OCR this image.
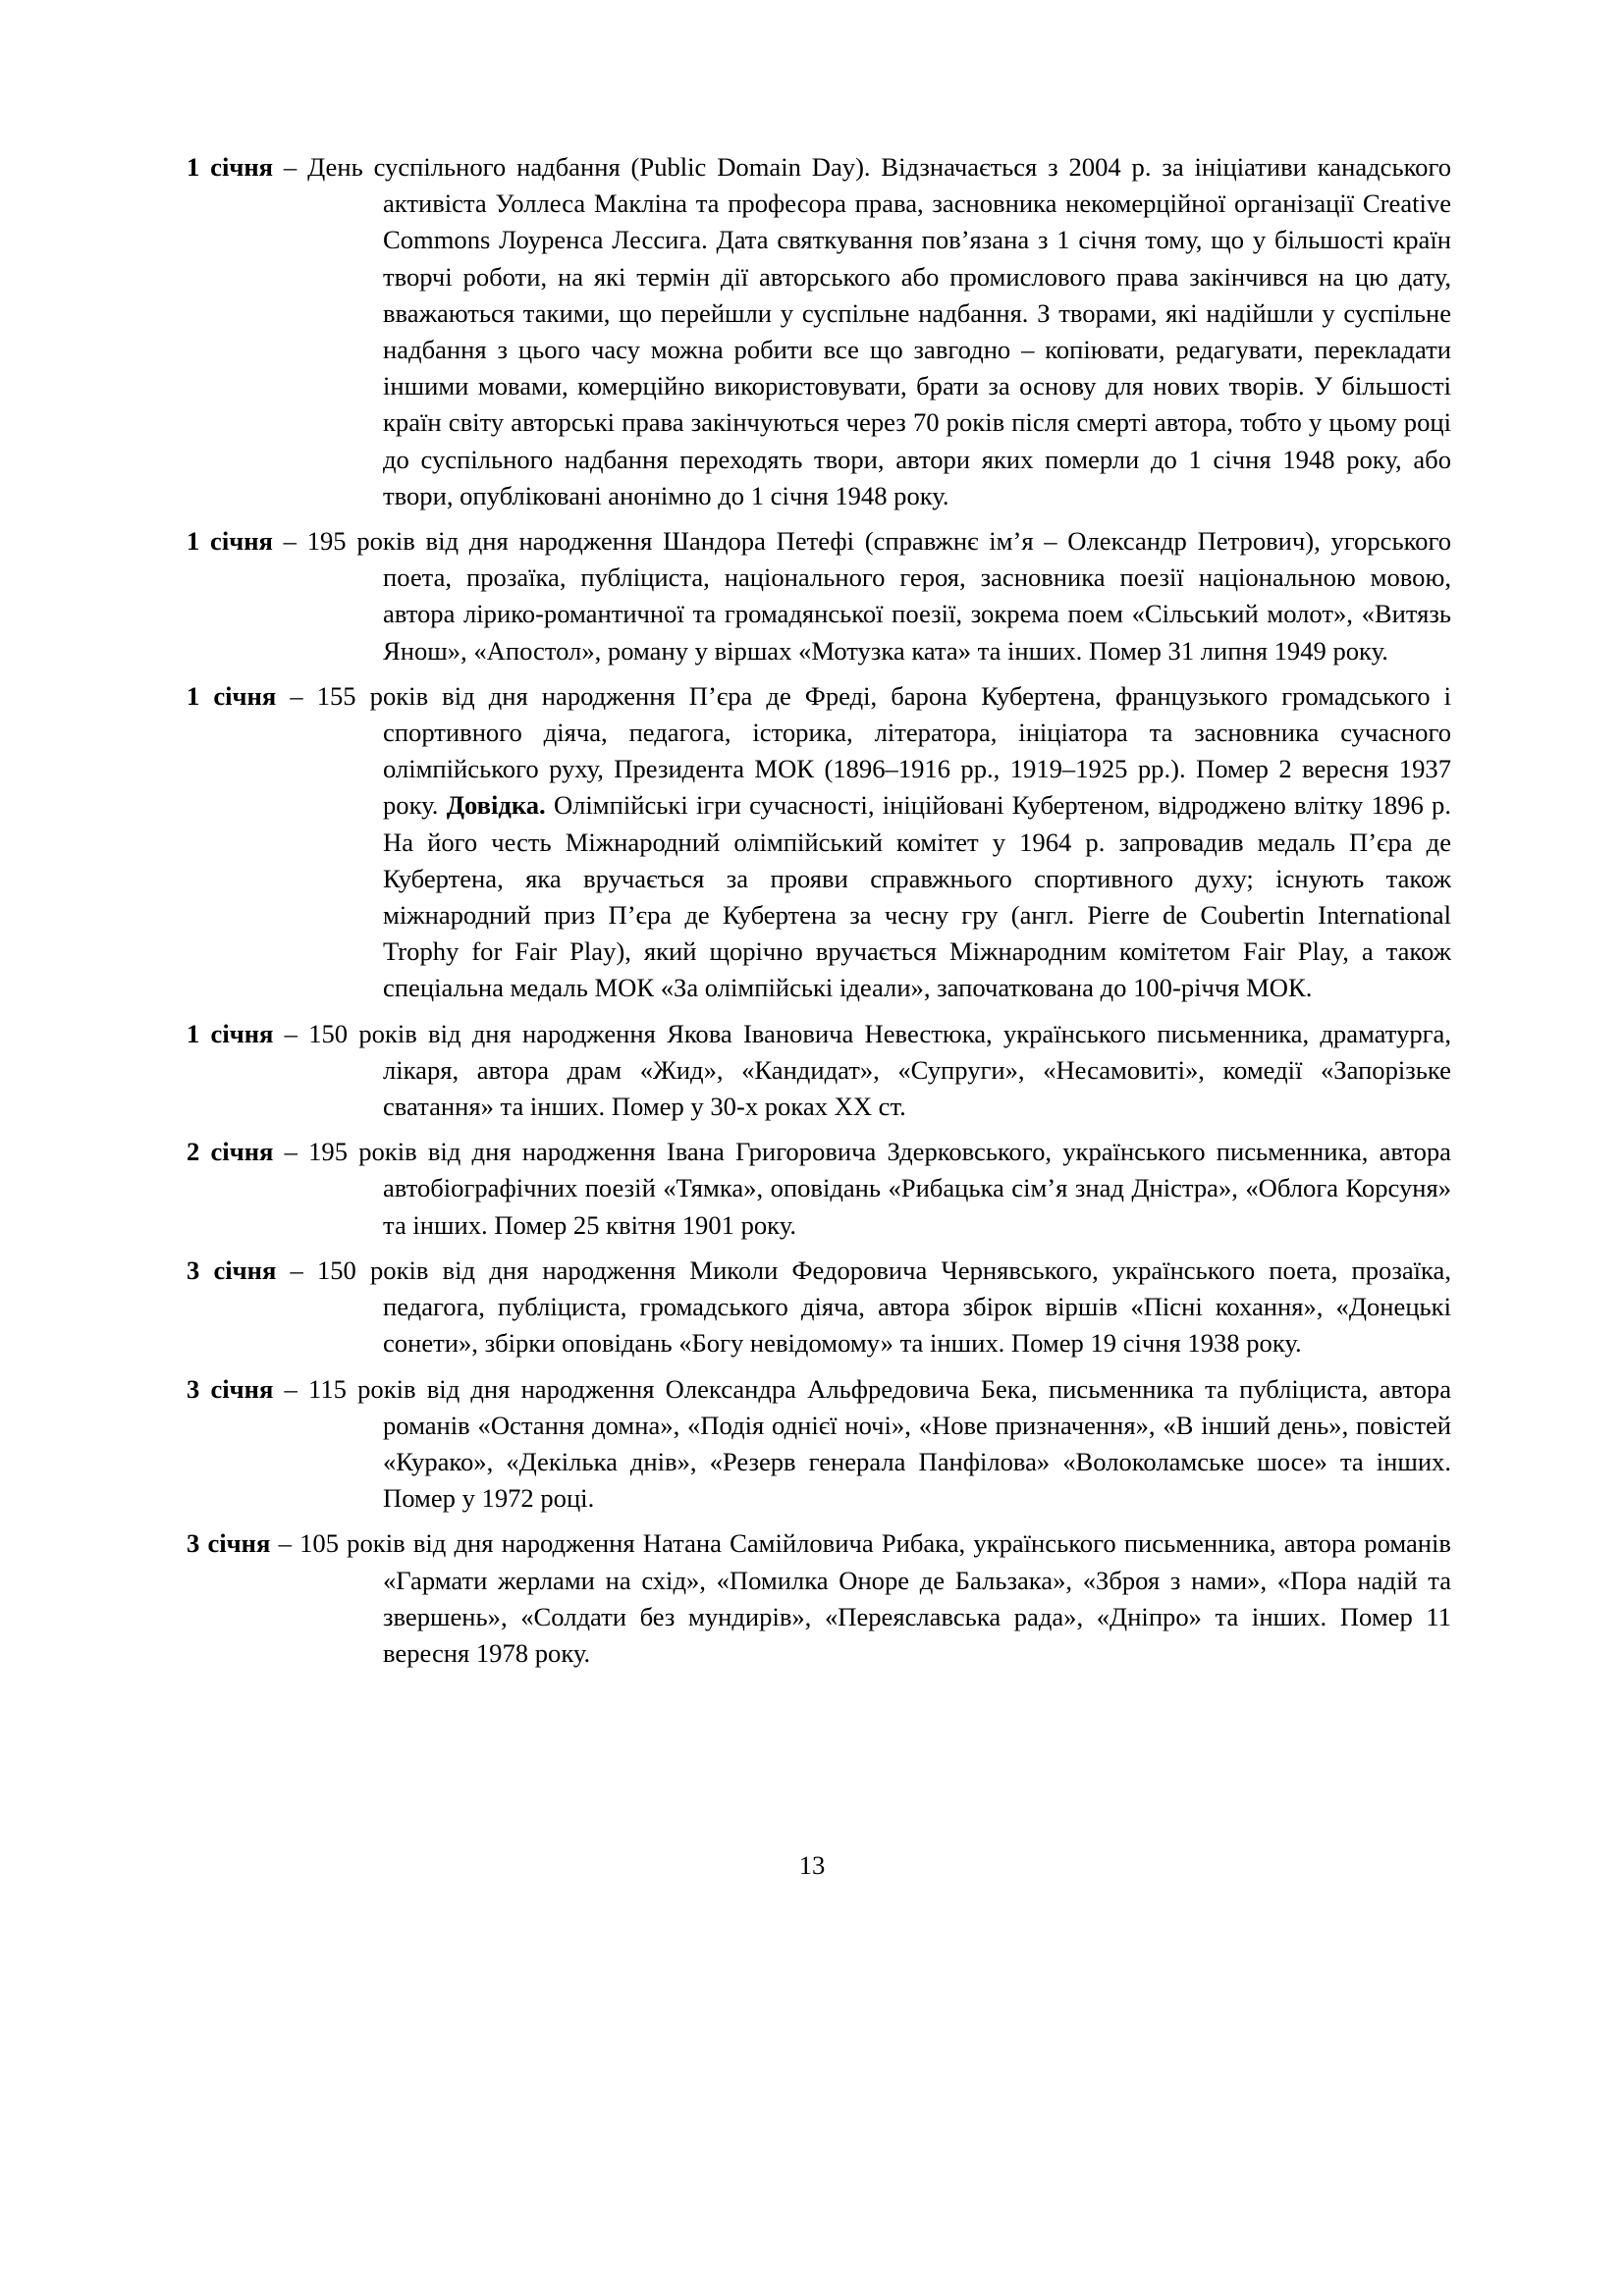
1 січня – День суспільного надбання (Public Domain Day). Відзначається з 2004 р. за ініціативи канадського активіста Уоллеса Макліна та професора права, засновника некомерційної організації Creative Commons Лоуренса Лессига. Дата святкування пов’язана з 1 січня тому, що у більшості країн творчі роботи, на які термін дії авторського або промислового права закінчився на цю дату, вважаються такими, що перейшли у суспільне надбання. З творами, які надійшли у суспільне надбання з цього часу можна робити все що завгодно – копіювати, редагувати, перекладати іншими мовами, комерційно використовувати, брати за основу для нових творів. У більшості країн світу авторські права закінчуються через 70 років після смерті автора, тобто у цьому році до суспільного надбання переходять твори, автори яких померли до 1 січня 1948 року, або твори, опубліковані анонімно до 1 січня 1948 року.

1 січня – 195 років від дня народження Шандора Петефі (справжнє ім’я – Олександр Петрович), угорського поета, прозаїка, публіциста, національного героя, засновника поезії національною мовою, автора лірико-романтичної та громадянської поезії, зокрема поем «Сільський молот», «Витязь Янош», «Апостол», роману у віршах «Мотузка ката» та інших. Помер 31 липня 1949 року.

1 січня – 155 років від дня народження П’єра де Фреді, барона Кубертена, французького громадського і спортивного діяча, педагога, історика, літератора, ініціатора та засновника сучасного олімпійського руху, Президента МОК (1896–1916 рр., 1919–1925 рр.). Помер 2 вересня 1937 року. Довідка. Олімпійські ігри сучасності, ініційовані Кубертеном, відроджено влітку 1896 р. На його честь Міжнародний олімпійський комітет у 1964 р. запровадив медаль П’єра де Кубертена, яка вручається за прояви справжнього спортивного духу; існують також міжнародний приз П’єра де Кубертена за чесну гру (англ. Pierre de Coubertin International Trophy for Fair Play), який щорічно вручається Міжнародним комітетом Fair Play, а також спеціальна медаль МОК «За олімпійські ідеали», започаткована до 100-річчя МОК.

1 січня – 150 років від дня народження Якова Івановича Невестюка, українського письменника, драматурга, лікаря, автора драм «Жид», «Кандидат», «Супруги», «Несамовиті», комедії «Запорізьке сватання» та інших. Помер у 30-х роках ХХ ст.

2 січня – 195 років від дня народження Івана Григоровича Здерковського, українського письменника, автора автобіографічних поезій «Тямка», оповідань «Рибацька сім’я знад Дністра», «Облога Корсуня» та інших. Помер 25 квітня 1901 року.

3 січня – 150 років від дня народження Миколи Федоровича Чернявського, українського поета, прозаїка, педагога, публіциста, громадського діяча, автора збірок віршів «Пісні кохання», «Донецькі сонети», збірки оповідань «Богу невідомому» та інших. Помер 19 січня 1938 року.

3 січня – 115 років від дня народження Олександра Альфредовича Бека, письменника та публіциста, автора романів «Остання домна», «Подія однієї ночі», «Нове призначення», «В інший день», повістей «Курако», «Декілька днів», «Резерв генерала Панфілова» «Волоколамське шосе» та інших. Помер у 1972 році.

3 січня – 105 років від дня народження Натана Самійловича Рибака, українського письменника, автора романів «Гармати жерлами на схід», «Помилка Оноре де Бальзака», «Зброя з нами», «Пора надій та звершень», «Солдати без мундирів», «Переяславська рада», «Дніпро» та інших. Помер 11 вересня 1978 року.

13
